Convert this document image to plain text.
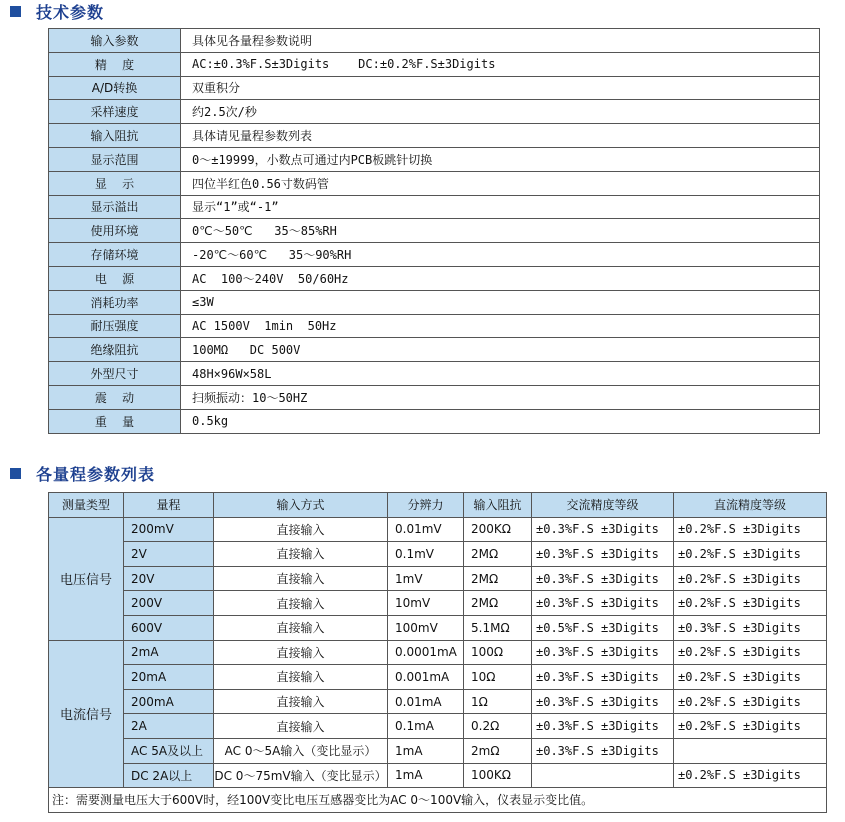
技术参数
输入参数	具体见各量程参数说明
精    度	AC:±0.3%F.S±3Digits    DC:±0.2%F.S±3Digits
A/D转换	双重积分
采样速度	约2.5次/秒
输入阻抗	具体请见量程参数列表
显示范围	0～±19999，小数点可通过内PCB板跳针切换
显    示	四位半红色0.56寸数码管
显示溢出	显示“1”或“-1”
使用环境	0℃～50℃   35～85%RH
存储环境	-20℃～60℃   35～90%RH
电    源	AC  100～240V  50/60Hz
消耗功率	≤3W
耐压强度	AC 1500V  1min  50Hz
绝缘阻抗	100MΩ   DC 500V
外型尺寸	48H×96W×58L
震    动	扫频振动：10～50HZ
重    量	0.5kg
各量程参数列表
测量类型	量程	输入方式	分辨力	输入阻抗	交流精度等级	直流精度等级
电压信号	200mV	直接输入	0.01mV	200KΩ	±0.3%F.S ±3Digits	±0.2%F.S ±3Digits
	2V	直接输入	0.1mV	2MΩ	±0.3%F.S ±3Digits	±0.2%F.S ±3Digits
	20V	直接输入	1mV	2MΩ	±0.3%F.S ±3Digits	±0.2%F.S ±3Digits
	200V	直接输入	10mV	2MΩ	±0.3%F.S ±3Digits	±0.2%F.S ±3Digits
	600V	直接输入	100mV	5.1MΩ	±0.5%F.S ±3Digits	±0.3%F.S ±3Digits
电流信号	2mA	直接输入	0.0001mA	100Ω	±0.3%F.S ±3Digits	±0.2%F.S ±3Digits
	20mA	直接输入	0.001mA	10Ω	±0.3%F.S ±3Digits	±0.2%F.S ±3Digits
	200mA	直接输入	0.01mA	1Ω	±0.3%F.S ±3Digits	±0.2%F.S ±3Digits
	2A	直接输入	0.1mA	0.2Ω	±0.3%F.S ±3Digits	±0.2%F.S ±3Digits
	AC 5A及以上	AC 0～5A输入（变比显示）	1mA	2mΩ	±0.3%F.S ±3Digits	
	DC 2A以上	DC 0～75mV输入（变比显示）	1mA	100KΩ		±0.2%F.S ±3Digits
注：需要测量电压大于600V时，经100V变比电压互感器变比为AC 0～100V输入，仪表显示变比值。						
